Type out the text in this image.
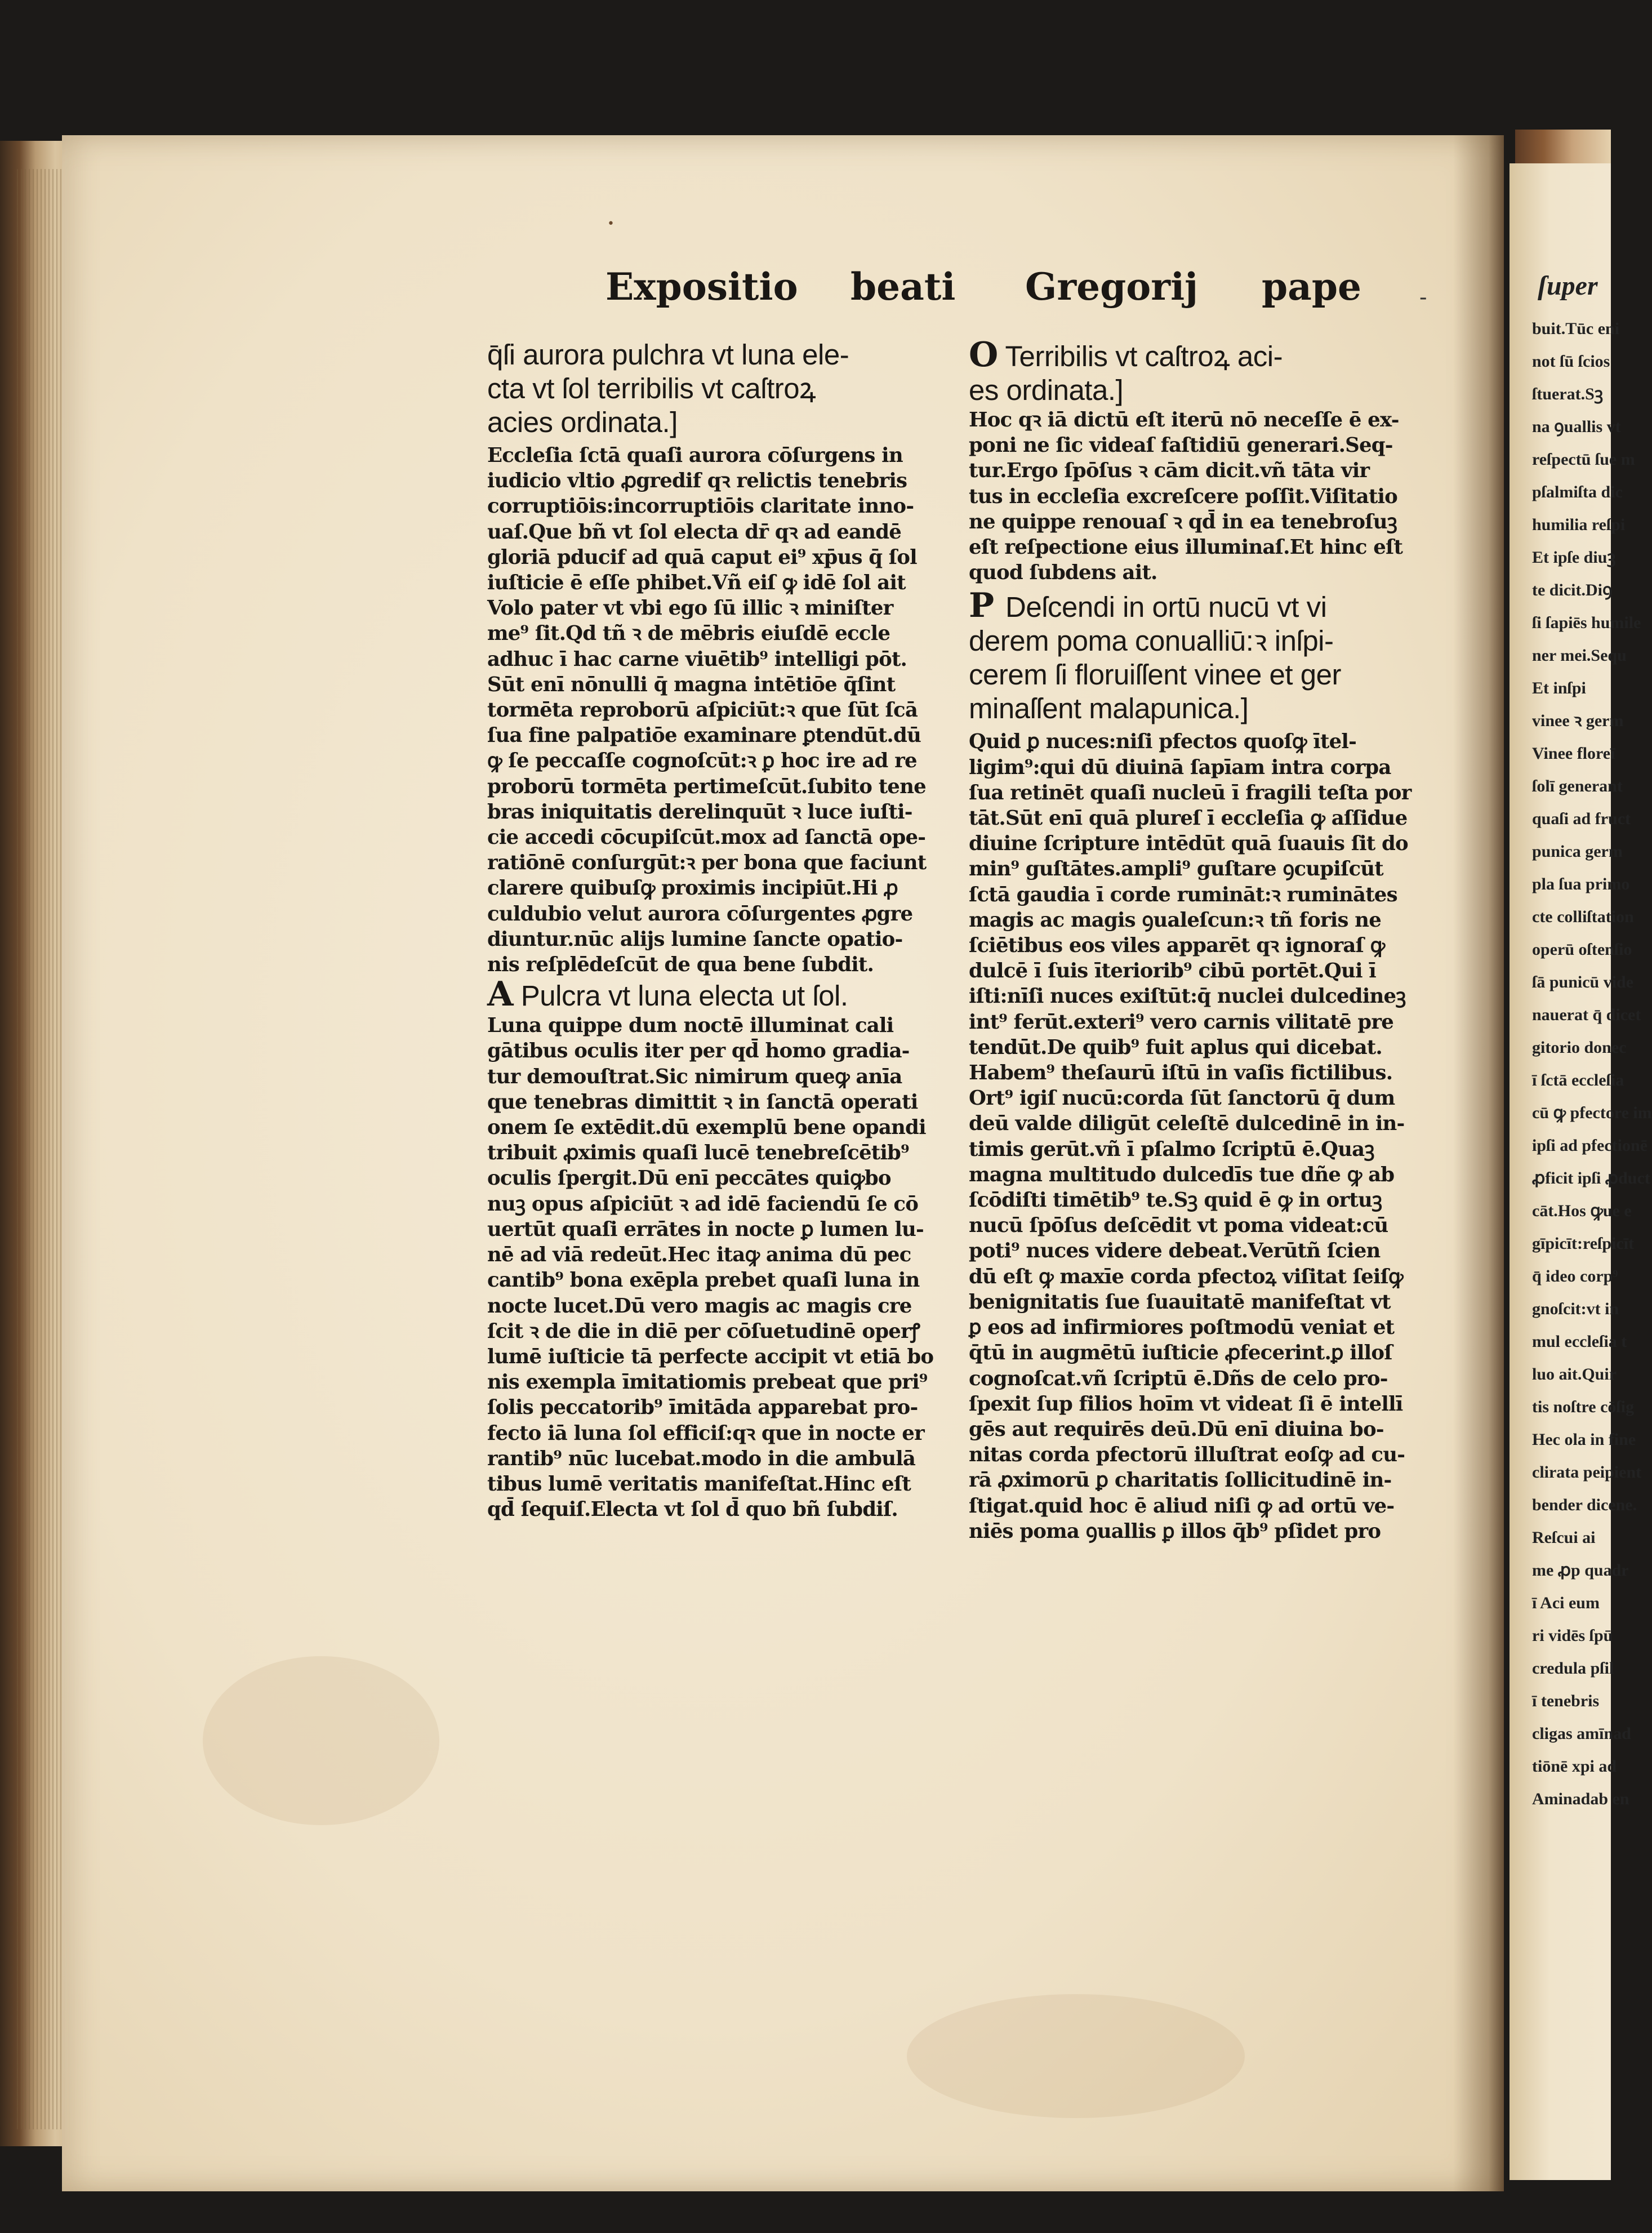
ſuper
buit.Tūc eni
not ſū ſcios
ſtuerat.Sꝫ
na ꝯuallis vt
reſpectū ſue m
pſalmiſta dic
humilia reſpi
Et ipſe diuꝫ
te dicit.Diꝯ
ſi ſapiēs humile
ner mei.Sequ
Et inſpi
vinee ꝛ germ
Vinee floreī
ſolī generant
quaſi ad fruct
punica germ
pla ſua primo
cte colliſtation
operū oſtenſio
ſā punicū vide
nauerat q̄ dicet
gitorio donec
ī ſctā eccleſia
cū ꝙ pfectore im
ipſi ad pfectionē
ꝓficit ipſi ꝓduct
cāt.Hos ꝙue e
gīpicīt:reſpicīt
q̄ ideo corp⁹
gnoſcit:vt in
mul eccleſia t
luo ait.Quir
tis noſtre cōſig
Hec ola in fine
clirata peipient
bender dicene.
Reſcui ai
me ꝓp quadr
ī Aci eum
ri vidēs ſpū
credula pſil
ī tenebris
cligas amīnad
tiōnē xpi ad
Aminadab en
•
Expositio beati Gregorij pape	-
q̄ſi aurora pulchra vt luna ele-
cta vt ſol terribilis vt caſtroꝝ
acies ordinata.]
Eccleſia ſctā quaſi aurora cōſurgens in
iudicio vltio ꝓgredif qꝛ relictis tenebris
corruptiōis:incorruptiōis claritate inno-
uaſ.Que bñ vt ſol electa dr̄ qꝛ ad eandē
gloriā pducif ad quā caput ei⁹ xp̄us q̄ ſol
iuſticie ē eſſe phibet.Vñ eiſ ꝙ idē ſol ait
Volo pater vt vbi ego ſū illic ꝛ miniſter
me⁹ ſit.Qd tñ ꝛ de mēbris eiuſdē eccle
adhuc ī hac carne viuētib⁹ intelligi pōt.
Sūt enī nōnulli q̄ magna intētiōe q̄ſint
tormēta reproborū aſpiciūt:ꝛ que ſūt ſcā
ſua fine palpatiōe examinare ꝑtendūt.dū
ꝙ ſe peccaſſe cognoſcūt:ꝛ ꝑ hoc ire ad re
proborū tormēta pertimeſcūt.ſubito tene
bras iniquitatis derelinquūt ꝛ luce iuſti-
cie accedi cōcupiſcūt.mox ad ſanctā ope-
ratiōnē conſurgūt:ꝛ per bona que faciunt
clarere quibuſꝙ proximis incipiūt.Hi ꝓ
culdubio velut aurora cōſurgentes ꝓgre
diuntur.nūc alijs lumine ſancte opatio-
nis reſplēdeſcūt de qua bene ſubdit.
A Pulcra vt luna electa ut ſol.
Luna quippe dum noctē illuminat cali
gātibus oculis iter per qd̄ homo gradia-
tur demouſtrat.Sic nimirum queꝙ anīa
que tenebras dimittit ꝛ in ſanctā operati
onem ſe extēdit.dū exemplū bene opandi
tribuit ꝓximis quaſi lucē tenebreſcētib⁹
oculis ſpergit.Dū enī peccātes quiꝙbo
nuꝫ opus aſpiciūt ꝛ ad idē faciendū ſe cō
uertūt quaſi errātes in nocte ꝑ lumen lu-
nē ad viā redeūt.Hec itaꝙ anima dū pec
cantib⁹ bona exēpla prebet quaſi luna in
nocte lucet.Dū vero magis ac magis cre
ſcit ꝛ de die in diē per cōſuetudinē operꝭ
lumē iuſticie tā perfecte accipit vt etiā bo
nis exempla īmitatiomis prebeat que pri⁹
ſolis peccatorib⁹ īmitāda apparebat pro-
fecto iā luna ſol efficiſ:qꝛ que in nocte er
rantib⁹ nūc lucebat.modo in die ambulā
tibus lumē veritatis manifeſtat.Hinc eſt
qd̄ ſequiſ.Electa vt ſol d̄ quo bñ ſubdiſ.
O Terribilis vt caſtroꝝ aci-
es ordinata.]
Hoc qꝛ iā dictū eſt iterū nō neceſſe ē ex-
poni ne ſic videaſ faſtidiū generari.Seq-
tur.Ergo ſpōſus ꝛ cām dicit.vñ tāta vir
tus in eccleſia excreſcere poſſit.Viſitatio
ne quippe renouaſ ꝛ qd̄ in ea tenebroſuꝫ
eſt reſpectione eius illuminaſ.Et hinc eſt
quod ſubdens ait.
P Deſcendi in ortū nucū vt vi
derem poma conualliū:ꝛ inſpi-
cerem ſi floruiſſent vinee et ger
minaſſent malapunica.]
Quid ꝑ nuces:niſi pfectos quoſꝙ ītel-
ligim⁹:qui dū diuinā ſapīam intra corpa
ſua retinēt quaſi nucleū ī fragili teſta por
tāt.Sūt enī quā plureſ ī eccleſia ꝙ aſſidue
diuine ſcripture intēdūt quā ſuauis ſit do
min⁹ guſtātes.ampli⁹ guſtare ꝯcupiſcūt
ſctā gaudia ī corde rumināt:ꝛ ruminātes
magis ac magis ꝯualeſcun:ꝛ tñ foris ne
ſciētibus eos viles apparēt qꝛ ignoraſ ꝙ
dulcē ī ſuis īteriorib⁹ cibū portēt.Qui ī
iſti:nīſi nuces exiſtūt:q̄ nuclei dulcedineꝫ
int⁹ ferūt.exteri⁹ vero carnis vilitatē pre
tendūt.De quib⁹ fuit aplus qui dicebat.
Habem⁹ theſaurū iſtū in vaſis fictilibus.
Ort⁹ igiſ nucū:corda ſūt ſanctorū q̄ dum
deū valde diligūt celeſtē dulcedinē in in-
timis gerūt.vñ ī pſalmo ſcriptū ē.Quaꝫ
magna multitudo dulcedīs tue dñe ꝙ ab
ſcōdiſti timētib⁹ te.Sꝫ quid ē ꝙ in ortuꝫ
nucū ſpōſus deſcēdit vt poma videat:cū
poti⁹ nuces videre debeat.Verūtñ ſcien
dū eſt ꝙ maxīe corda pfectoꝝ viſitat ſeiſꝙ
benignitatis ſue ſuauitatē manifeſtat vt
ꝑ eos ad infirmiores poſtmodū veniat et
q̄tū in augmētū iuſticie ꝓfecerint.ꝑ illoſ
cognoſcat.vñ ſcriptū ē.Dñs de celo pro-
ſpexit ſup filios hoīm vt videat ſi ē intellī
gēs aut requirēs deū.Dū enī diuina bo-
nitas corda pfectorū illuſtrat eoſꝙ ad cu-
rā ꝓximorū ꝑ charitatis ſollicitudinē in-
ſtigat.quid hoc ē aliud niſi ꝙ ad ortū ve-
niēs poma ꝯuallis ꝑ illos q̄b⁹ pſidet pro
